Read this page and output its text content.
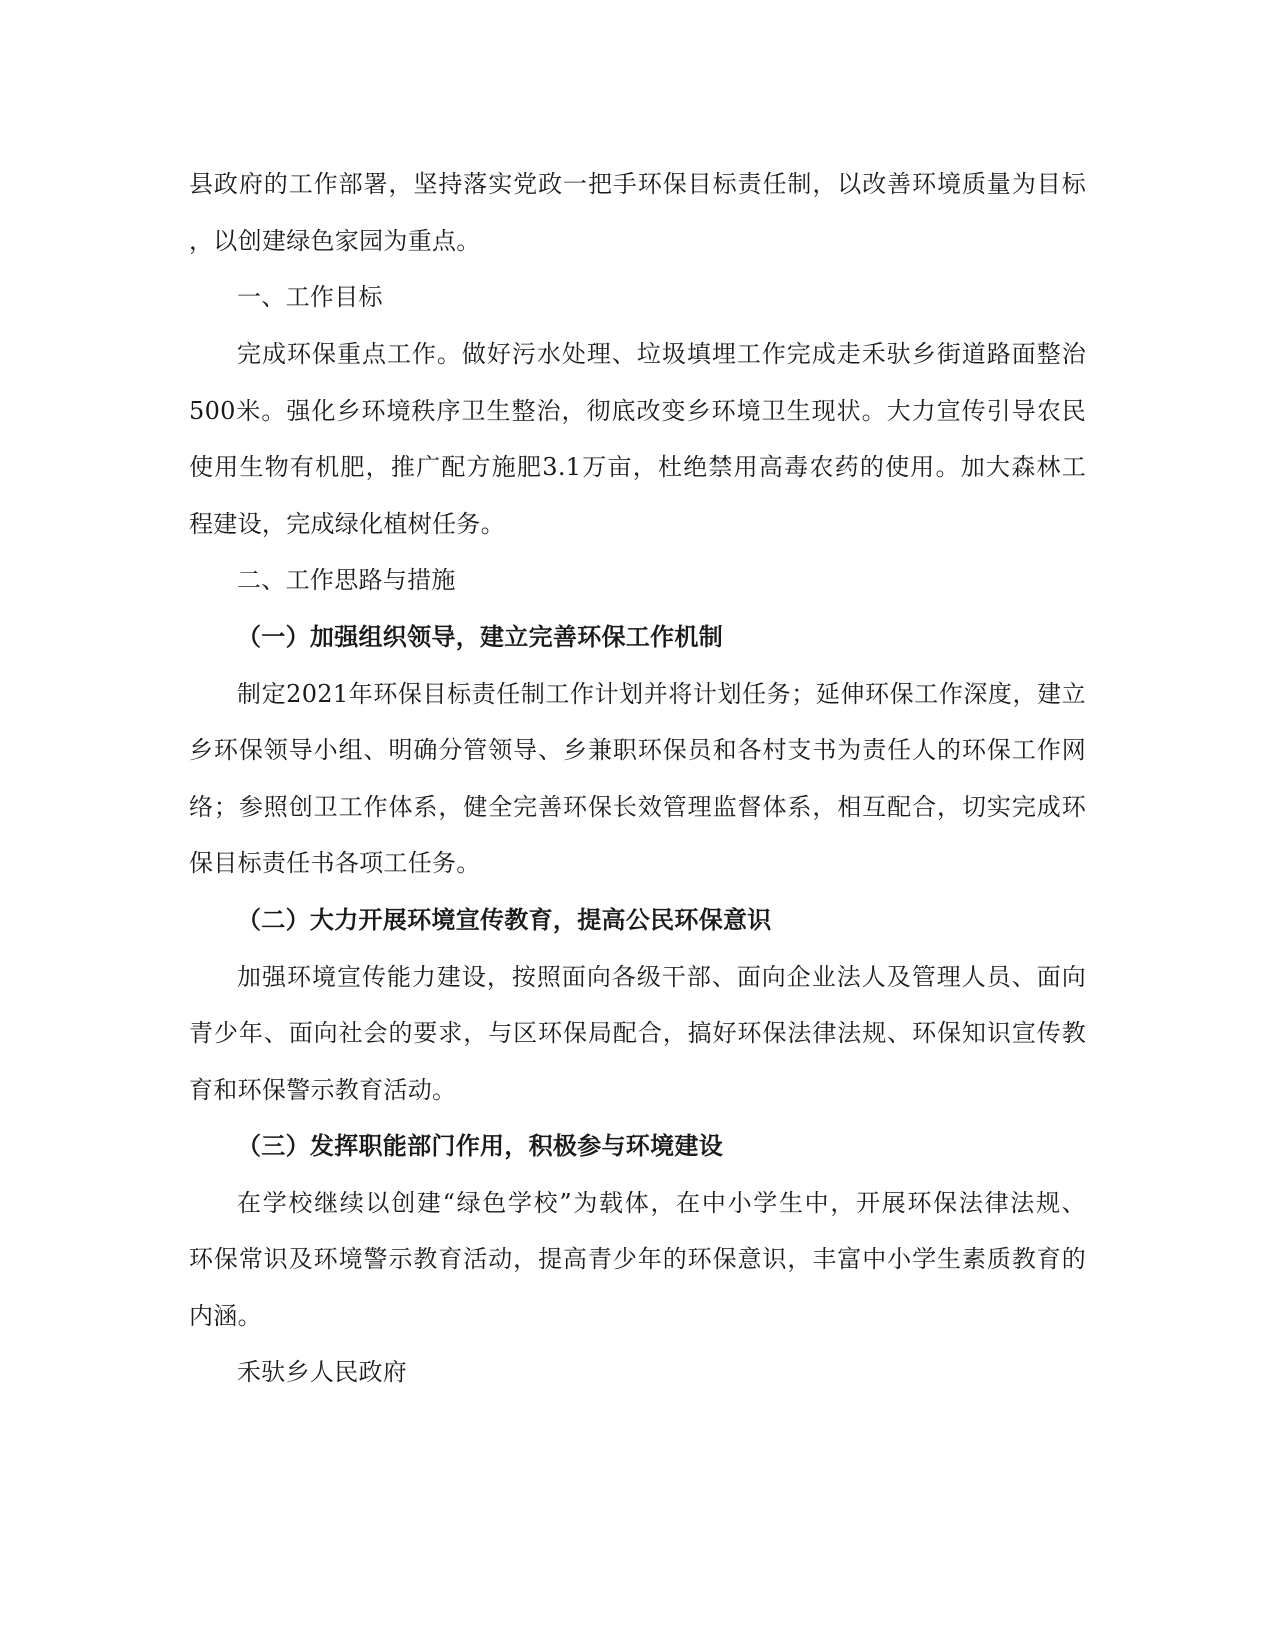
县政府的工作部署，坚持落实党政一把手环保目标责任制，以改善环境质量为目标

，以创建绿色家园为重点。

一、工作目标

完成环保重点工作。做好污水处理、垃圾填埋工作完成走禾驮乡街道路面整治

500米。强化乡环境秩序卫生整治，彻底改变乡环境卫生现状。大力宣传引导农民

使用生物有机肥，推广配方施肥3.1万亩，杜绝禁用高毒农药的使用。加大森林工

程建设，完成绿化植树任务。

二、工作思路与措施

（一）加强组织领导，建立完善环保工作机制

制定2021年环保目标责任制工作计划并将计划任务；延伸环保工作深度，建立

乡环保领导小组、明确分管领导、乡兼职环保员和各村支书为责任人的环保工作网

络；参照创卫工作体系，健全完善环保长效管理监督体系，相互配合，切实完成环

保目标责任书各项工任务。

（二）大力开展环境宣传教育，提高公民环保意识

加强环境宣传能力建设，按照面向各级干部、面向企业法人及管理人员、面向

青少年、面向社会的要求，与区环保局配合，搞好环保法律法规、环保知识宣传教

育和环保警示教育活动。

（三）发挥职能部门作用，积极参与环境建设

在学校继续以创建“绿色学校”为载体，在中小学生中，开展环保法律法规、

环保常识及环境警示教育活动，提高青少年的环保意识，丰富中小学生素质教育的

内涵。

禾驮乡人民政府
